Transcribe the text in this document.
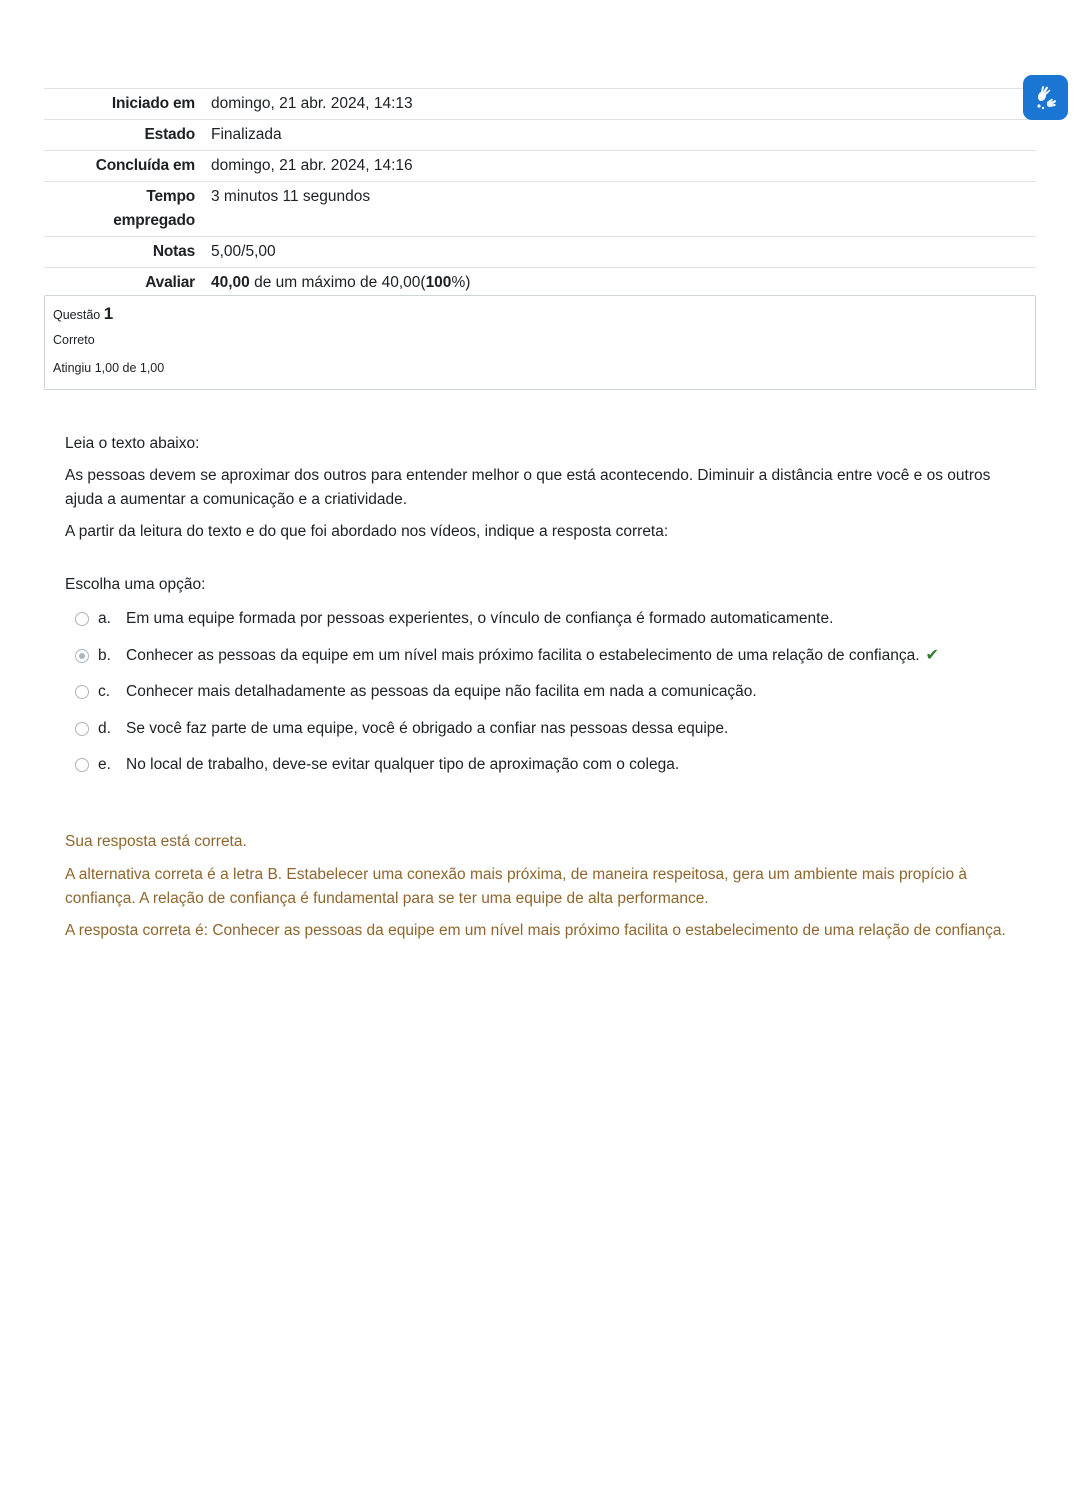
Iniciado em	domingo, 21 abr. 2024, 14:13
Estado	Finalizada
Concluída em	domingo, 21 abr. 2024, 14:16
Tempo empregado	3 minutos 11 segundos
Notas	5,00/5,00
Avaliar	40,00 de um máximo de 40,00(100%)
Questão 1
Correto
Atingiu 1,00 de 1,00

Leia o texto abaixo:

As pessoas devem se aproximar dos outros para entender melhor o que está acontecendo. Diminuir a distância entre você e os outros ajuda a aumentar a comunicação e a criatividade.

A partir da leitura do texto e do que foi abordado nos vídeos, indique a resposta correta:

Escolha uma opção:
a. Em uma equipe formada por pessoas experientes, o vínculo de confiança é formado automaticamente.
b. Conhecer as pessoas da equipe em um nível mais próximo facilita o estabelecimento de uma relação de confiança. ✔
c.	Conhecer mais detalhadamente as pessoas da equipe não facilita em nada a comunicação.
d. Se você faz parte de uma equipe, você é obrigado a confiar nas pessoas dessa equipe.
e. No local de trabalho, deve-se evitar qualquer tipo de aproximação com o colega.

Sua resposta está correta.

A alternativa correta é a letra B. Estabelecer uma conexão mais próxima, de maneira respeitosa, gera um ambiente mais propício à confiança. A relação de confiança é fundamental para se ter uma equipe de alta performance.

A resposta correta é: Conhecer as pessoas da equipe em um nível mais próximo facilita o estabelecimento de uma relação de confiança.
